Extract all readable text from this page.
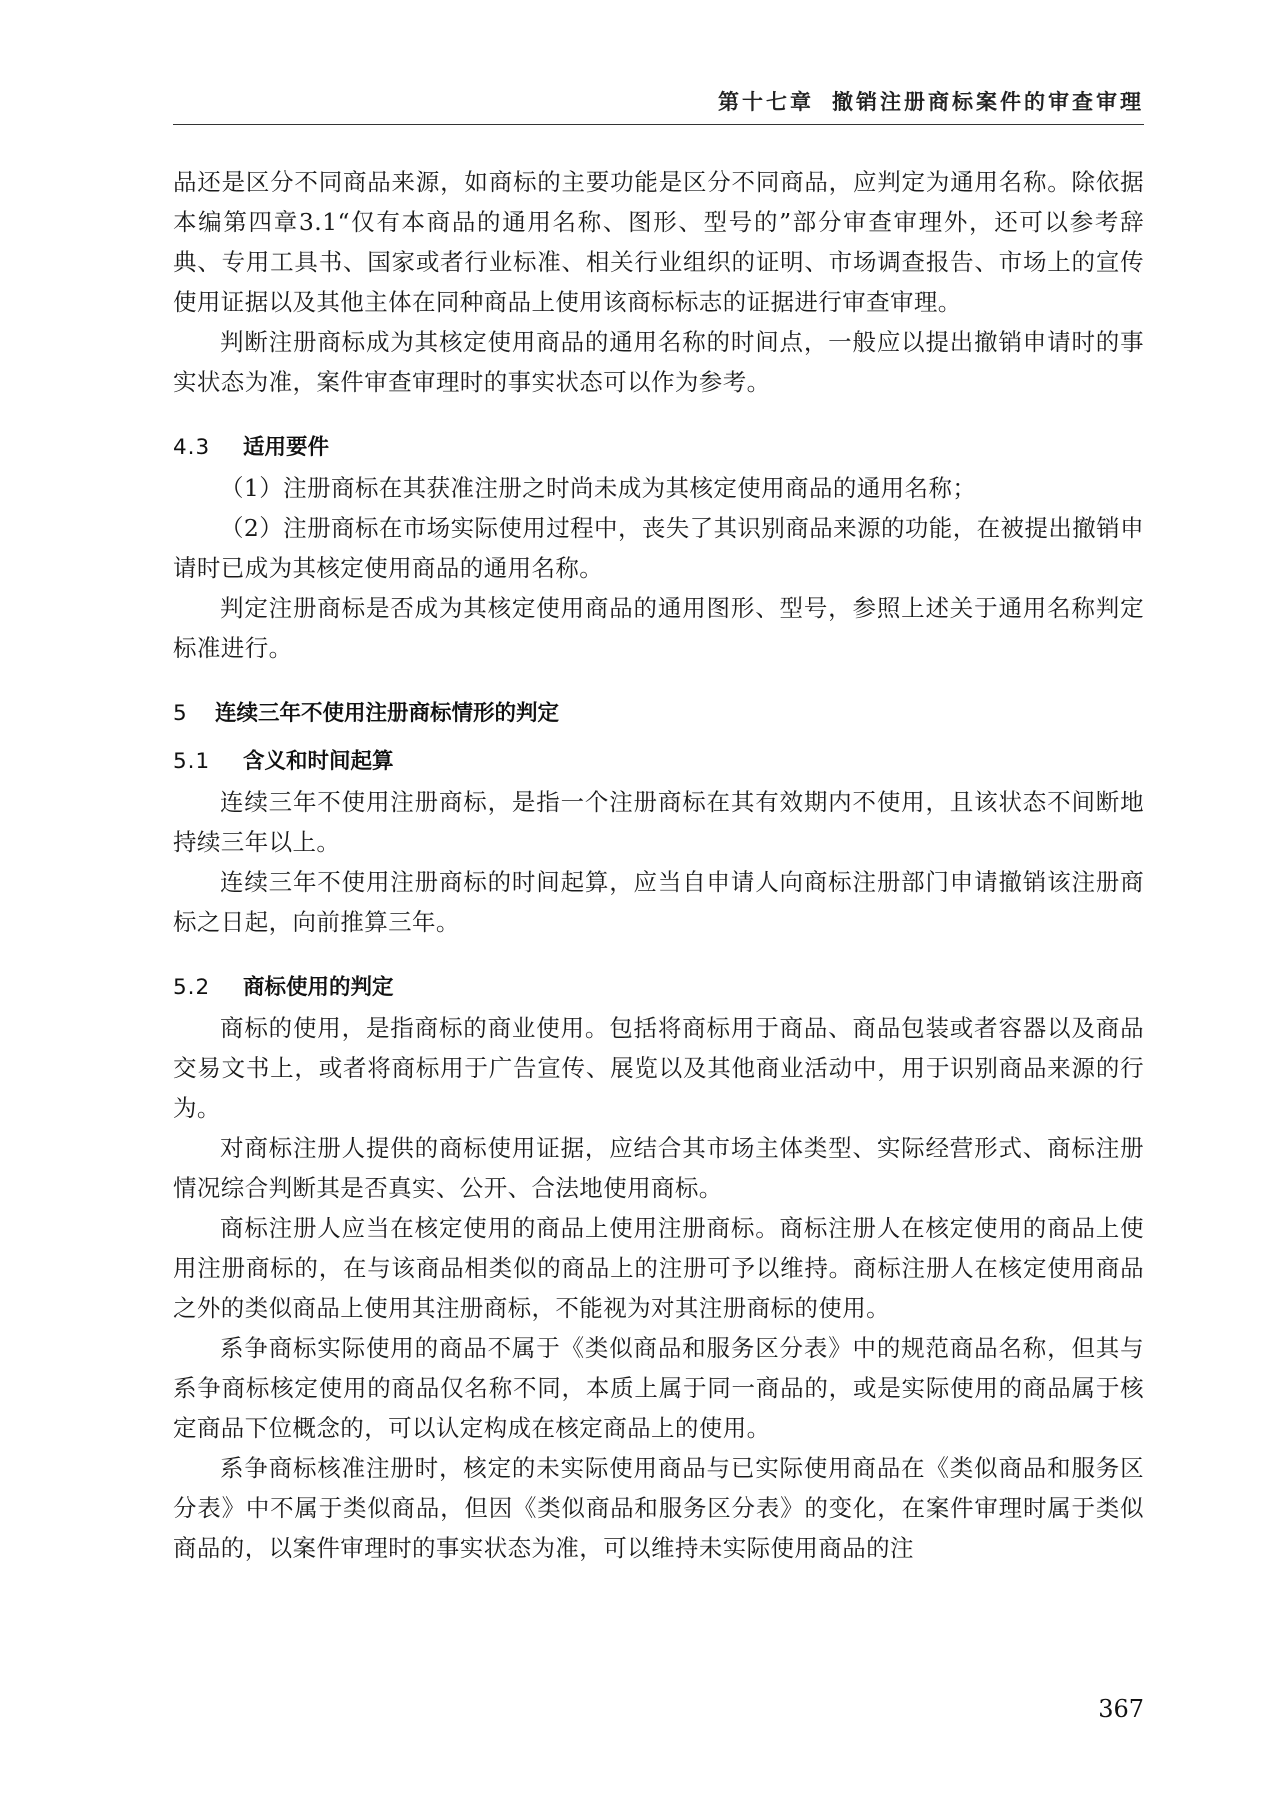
第十七章 撤销注册商标案件的审查审理

品还是区分不同商品来源，如商标的主要功能是区分不同商品，应判定为通用名称。除依据本编第四章3.1“仅有本商品的通用名称、图形、型号的”部分审查审理外，还可以参考辞典、专用工具书、国家或者行业标准、相关行业组织的证明、市场调查报告、市场上的宣传使用证据以及其他主体在同种商品上使用该商标标志的证据进行审查审理。

判断注册商标成为其核定使用商品的通用名称的时间点，一般应以提出撤销申请时的事实状态为准，案件审查审理时的事实状态可以作为参考。

4.3 适用要件

（1）注册商标在其获准注册之时尚未成为其核定使用商品的通用名称；

（2）注册商标在市场实际使用过程中，丧失了其识别商品来源的功能，在被提出撤销申请时已成为其核定使用商品的通用名称。

判定注册商标是否成为其核定使用商品的通用图形、型号，参照上述关于通用名称判定标准进行。

5 连续三年不使用注册商标情形的判定

5.1 含义和时间起算

连续三年不使用注册商标，是指一个注册商标在其有效期内不使用，且该状态不间断地持续三年以上。

连续三年不使用注册商标的时间起算，应当自申请人向商标注册部门申请撤销该注册商标之日起，向前推算三年。

5.2 商标使用的判定

商标的使用，是指商标的商业使用。包括将商标用于商品、商品包装或者容器以及商品交易文书上，或者将商标用于广告宣传、展览以及其他商业活动中，用于识别商品来源的行为。

对商标注册人提供的商标使用证据，应结合其市场主体类型、实际经营形式、商标注册情况综合判断其是否真实、公开、合法地使用商标。

商标注册人应当在核定使用的商品上使用注册商标。商标注册人在核定使用的商品上使用注册商标的，在与该商品相类似的商品上的注册可予以维持。商标注册人在核定使用商品之外的类似商品上使用其注册商标，不能视为对其注册商标的使用。

系争商标实际使用的商品不属于《类似商品和服务区分表》中的规范商品名称，但其与系争商标核定使用的商品仅名称不同，本质上属于同一商品的，或是实际使用的商品属于核定商品下位概念的，可以认定构成在核定商品上的使用。

系争商标核准注册时，核定的未实际使用商品与已实际使用商品在《类似商品和服务区分表》中不属于类似商品，但因《类似商品和服务区分表》的变化，在案件审理时属于类似商品的，以案件审理时的事实状态为准，可以维持未实际使用商品的注

367
